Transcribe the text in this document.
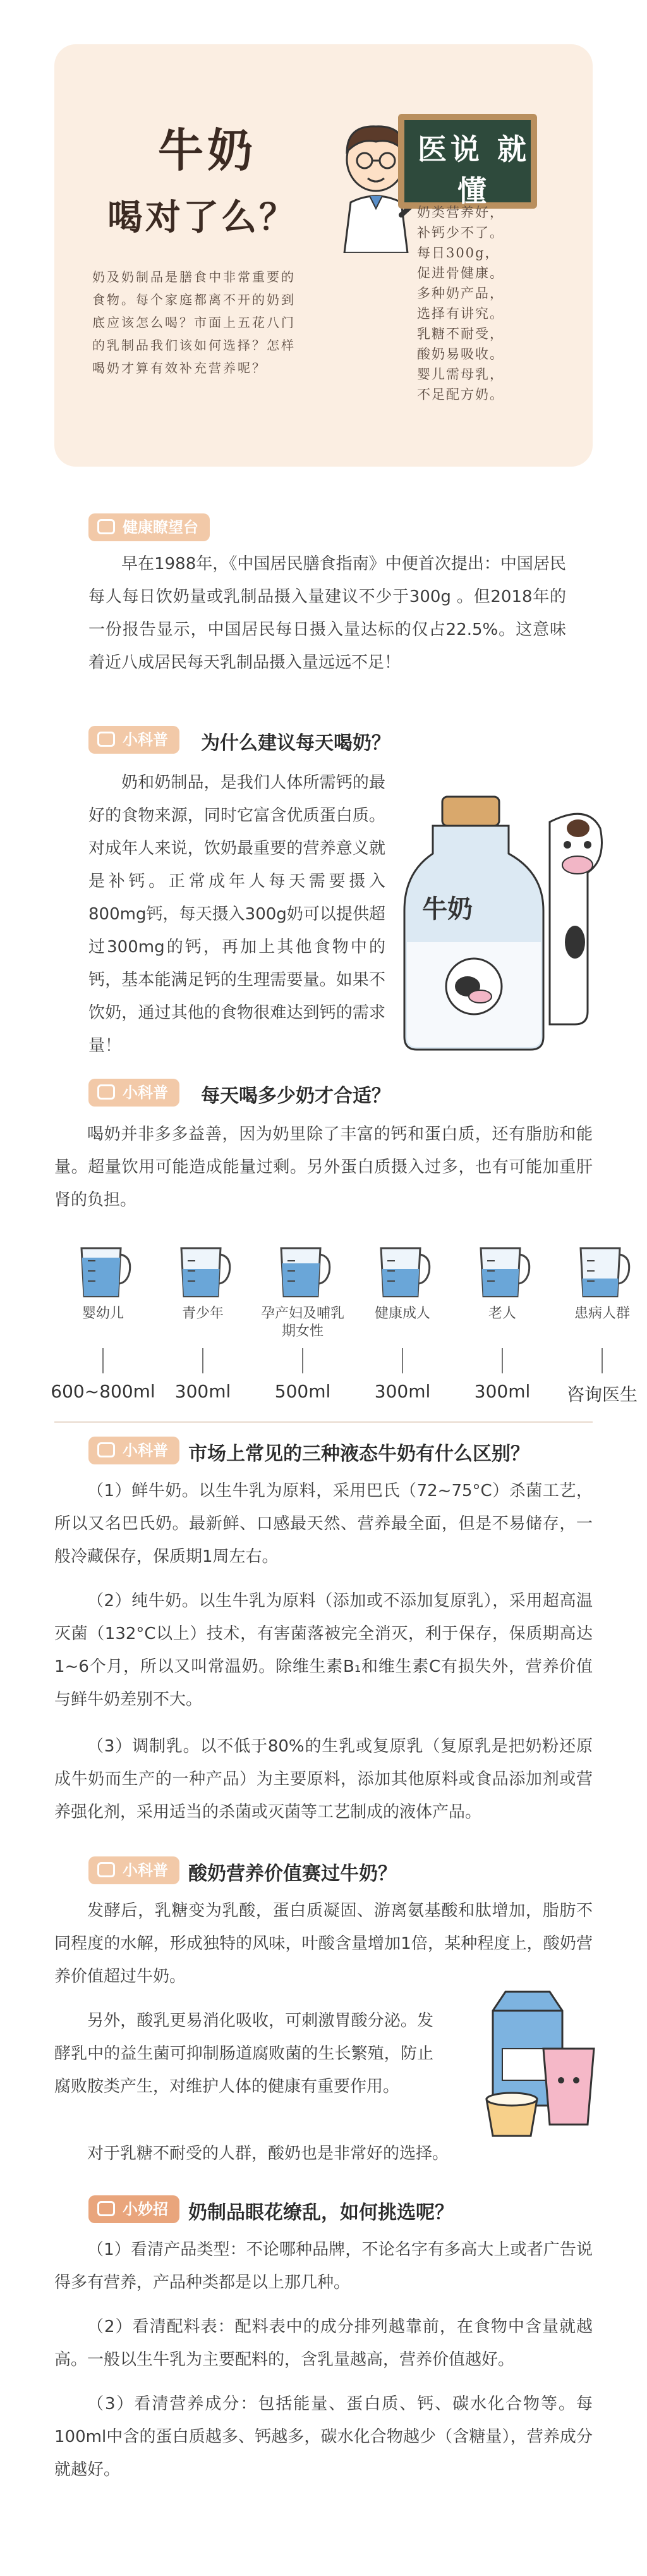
牛奶
喝对了么？
奶及奶制品是膳食中非常重要的食物。每个家庭都离不开的奶到底应该怎么喝？市面上五花八门的乳制品我们该如何选择？怎样喝奶才算有效补充营养呢？
医说 就懂
奶类营养好，
补钙少不了。
每日300g，
促进骨健康。
多种奶产品，
选择有讲究。
乳糖不耐受，
酸奶易吸收。
婴儿需母乳，
不足配方奶。
健康瞭望台
早在1988年，《中国居民膳食指南》中便首次提出：中国居民每人每日饮奶量或乳制品摄入量建议不少于300g 。但2018年的一份报告显示，中国居民每日摄入量达标的仅占22.5%。这意味着近八成居民每天乳制品摄入量远远不足！
小科普	为什么建议每天喝奶？
奶和奶制品，是我们人体所需钙的最好的食物来源，同时它富含优质蛋白质。对成年人来说，饮奶最重要的营养意义就是补钙。正常成年人每天需要摄入800mg钙，每天摄入300g奶可以提供超过300mg的钙，再加上其他食物中的钙，基本能满足钙的生理需要量。如果不饮奶，通过其他的食物很难达到钙的需求量！
牛奶
小科普	每天喝多少奶才合适？
喝奶并非多多益善，因为奶里除了丰富的钙和蛋白质，还有脂肪和能量。超量饮用可能造成能量过剩。另外蛋白质摄入过多，也有可能加重肝肾的负担。
婴幼儿
600~800ml
青少年
300ml
孕产妇及哺乳期女性
500ml
健康成人
300ml
老人
300ml
患病人群
咨询医生
小科普	市场上常见的三种液态牛奶有什么区别？
（1）鲜牛奶。以生牛乳为原料，采用巴氏（72~75°C）杀菌工艺，所以又名巴氏奶。最新鲜、口感最天然、营养最全面，但是不易储存，一般冷藏保存，保质期1周左右。
（2）纯牛奶。以生牛乳为原料（添加或不添加复原乳），采用超高温灭菌（132°C以上）技术，有害菌落被完全消灭，利于保存，保质期高达1~6个月，所以又叫常温奶。除维生素B₁和维生素C有损失外，营养价值与鲜牛奶差别不大。
（3）调制乳。以不低于80%的生乳或复原乳（复原乳是把奶粉还原成牛奶而生产的一种产品）为主要原料，添加其他原料或食品添加剂或营养强化剂，采用适当的杀菌或灭菌等工艺制成的液体产品。
小科普	酸奶营养价值赛过牛奶？
发酵后，乳糖变为乳酸，蛋白质凝固、游离氨基酸和肽增加，脂肪不同程度的水解，形成独特的风味，叶酸含量增加1倍，某种程度上，酸奶营养价值超过牛奶。
另外，酸乳更易消化吸收，可刺激胃酸分泌。发酵乳中的益生菌可抑制肠道腐败菌的生长繁殖，防止腐败胺类产生，对维护人体的健康有重要作用。
对于乳糖不耐受的人群，酸奶也是非常好的选择。
小妙招	奶制品眼花缭乱，如何挑选呢？
（1）看清产品类型：不论哪种品牌，不论名字有多高大上或者广告说得多有营养，产品种类都是以上那几种。
（2）看清配料表：配料表中的成分排列越靠前，在食物中含量就越高。一般以生牛乳为主要配料的，含乳量越高，营养价值越好。
（3）看清营养成分：包括能量、蛋白质、钙、碳水化合物等。每100ml中含的蛋白质越多、钙越多，碳水化合物越少（含糖量），营养成分就越好。
